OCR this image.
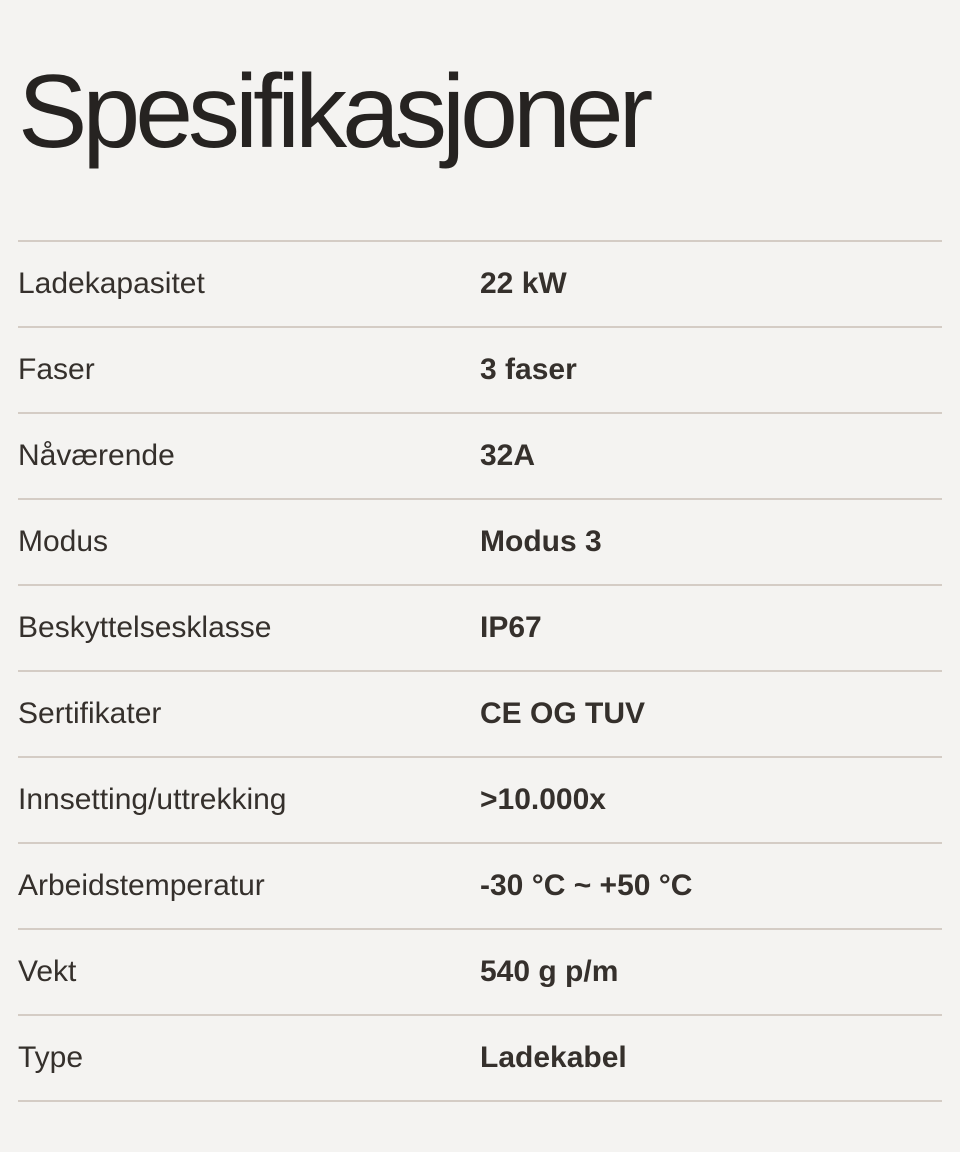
Spesifikasjoner
Ladekapasitet	22 kW
Faser	3 faser
Nåværende	32A
Modus	Modus 3
Beskyttelsesklasse	IP67
Sertifikater	CE OG TUV
Innsetting/uttrekking	>10.000x
Arbeidstemperatur	-30 °C ~ +50 °C
Vekt	540 g p/m
Type	Ladekabel
